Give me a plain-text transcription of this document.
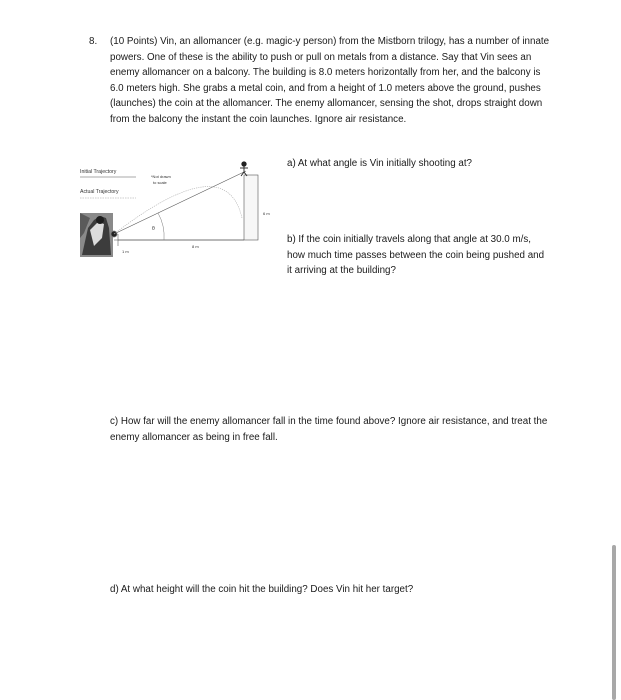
8. (10 Points) Vin, an allomancer (e.g. magic-y person) from the Mistborn trilogy, has a number of innate powers. One of these is the ability to push or pull on metals from a distance. Say that Vin sees an enemy allomancer on a balcony. The building is 8.0 meters horizontally from her, and the balcony is 6.0 meters high. She grabs a metal coin, and from a height of 1.0 meters above the ground, pushes (launches) the coin at the allomancer. The enemy allomancer, sensing the shot, drops straight down from the balcony the instant the coin launches. Ignore air resistance.

Initial Trajectory
Actual Trajectory
*Not drawn
to scale
1 m
8 m
θ
6 m

a) At what angle is Vin initially shooting at?

b) If the coin initially travels along that angle at 30.0 m/s, how much time passes between the coin being pushed and it arriving at the building?

c) How far will the enemy allomancer fall in the time found above? Ignore air resistance, and treat the enemy allomancer as being in free fall.

d) At what height will the coin hit the building? Does Vin hit her target?
